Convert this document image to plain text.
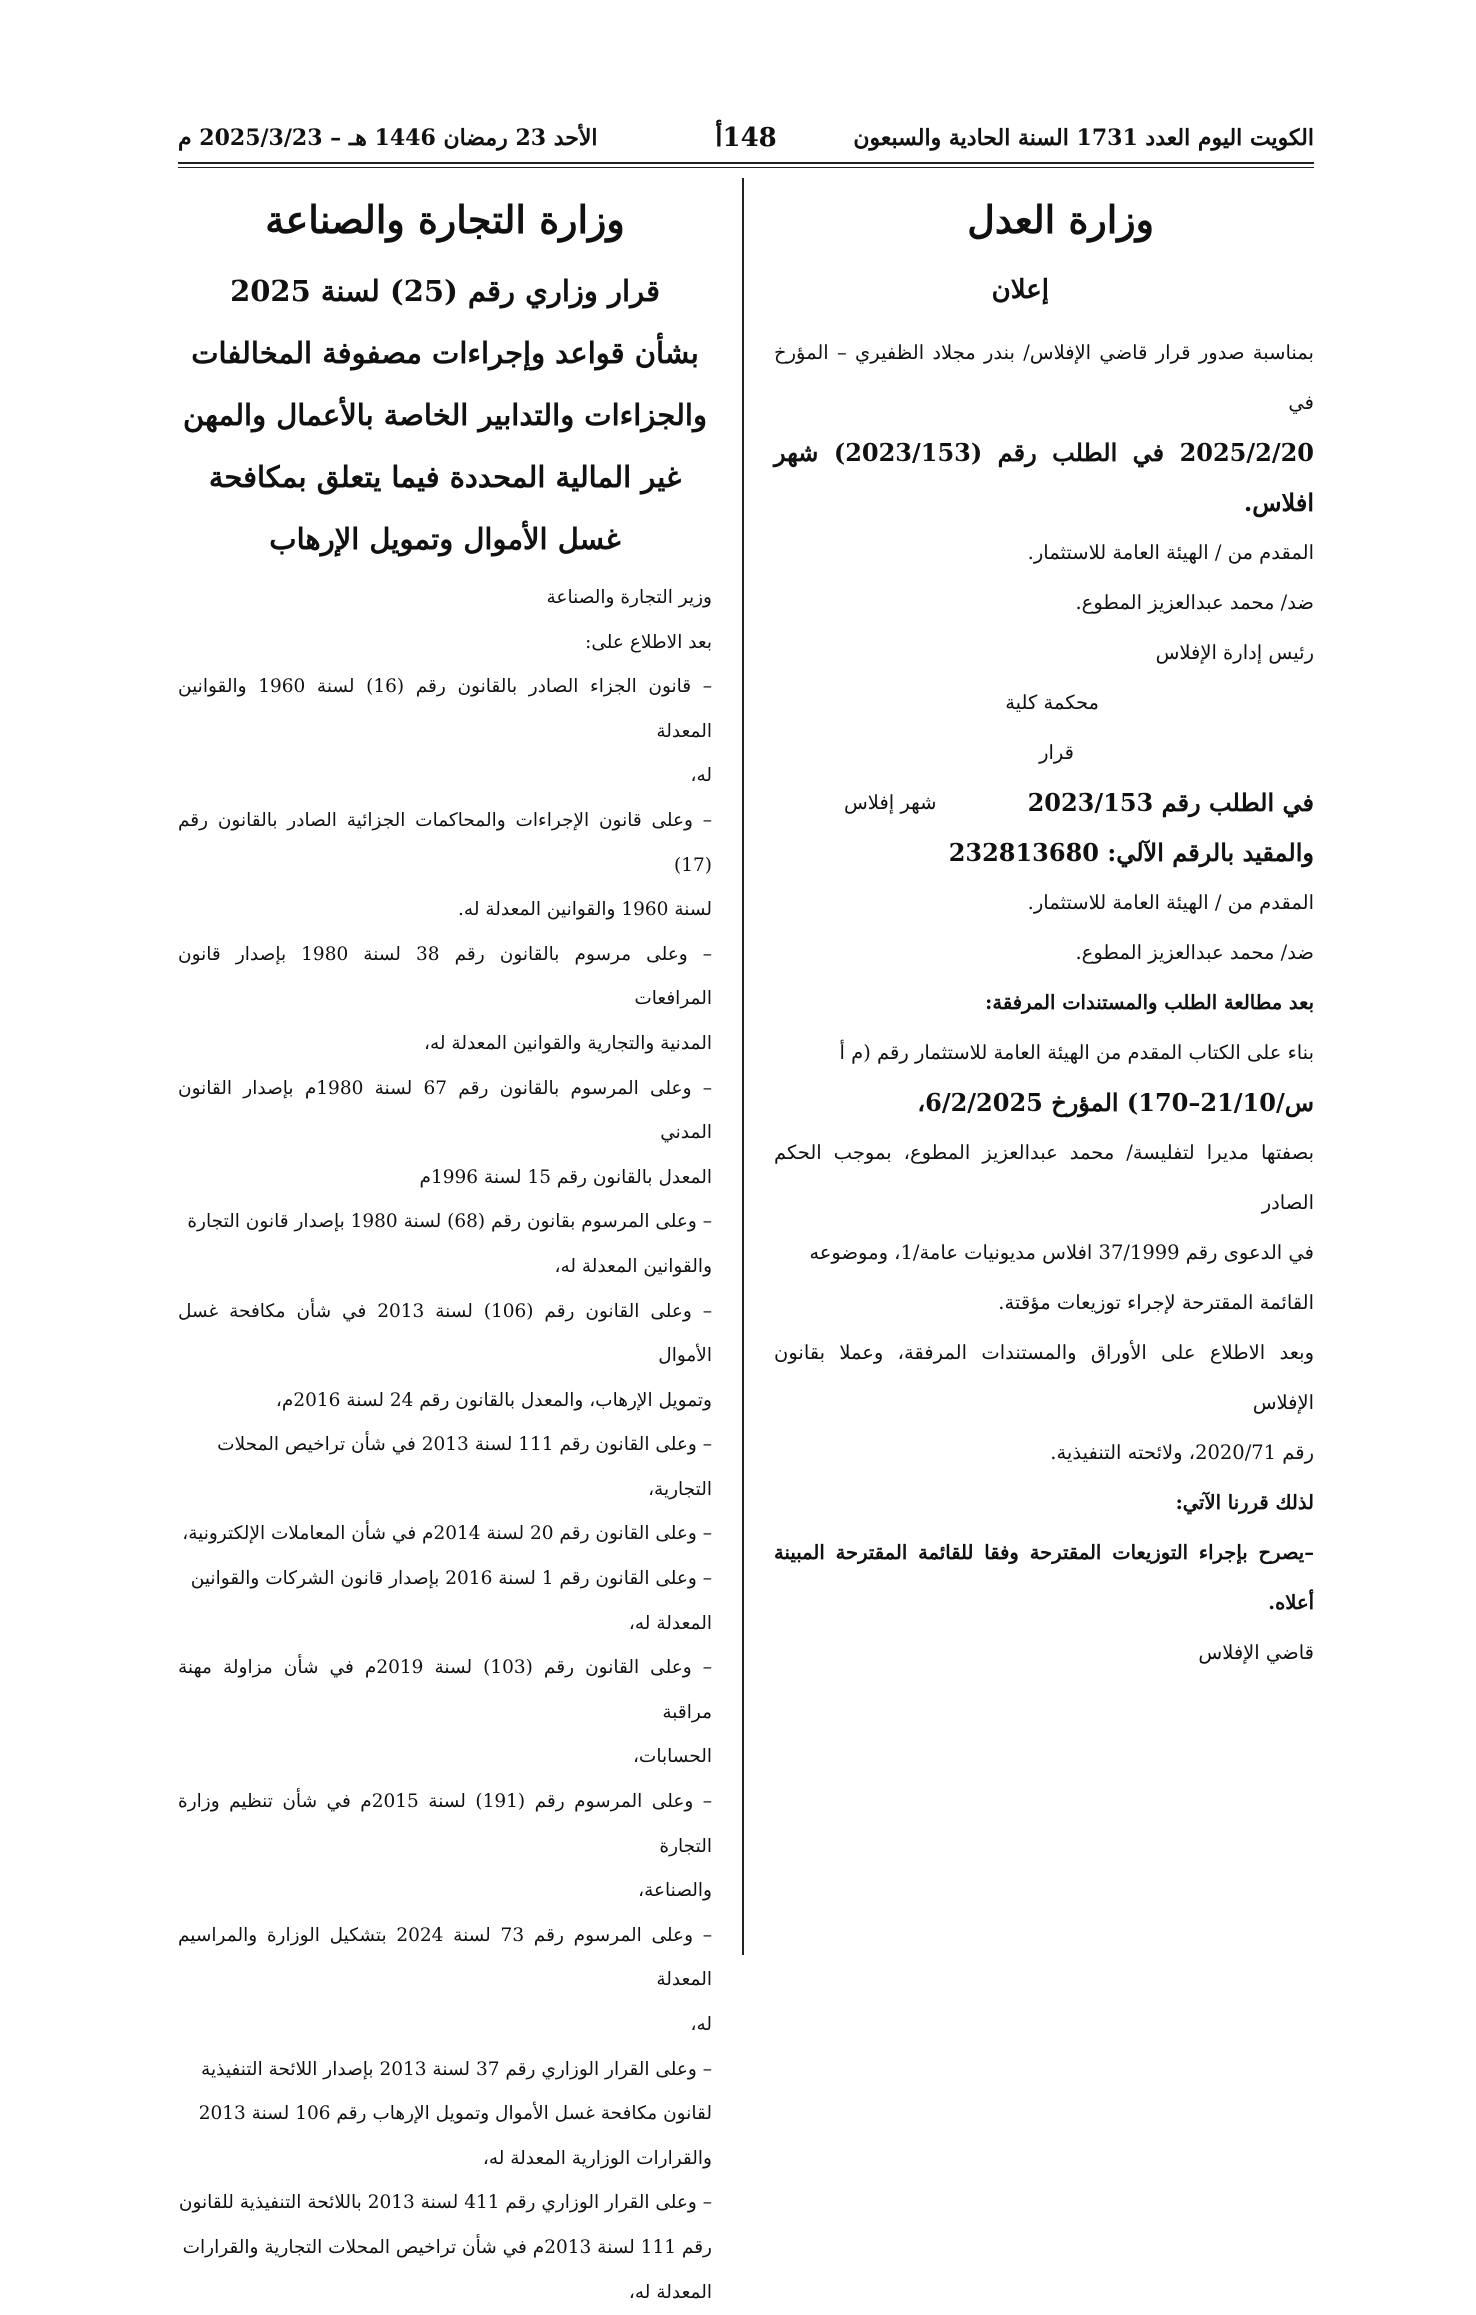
الكويت اليوم العدد 1731 السنة الحادية والسبعون
148أ
الأحد 23 رمضان 1446 هـ – 2025/3/23 م

وزارة العدل

إعلان

بمناسبة صدور قرار قاضي الإفلاس/ بندر مجلاد الظفيري – المؤرخ في

2025/2/20 في الطلب رقم (2023/153) شهر افلاس.

المقدم من / الهيئة العامة للاستثمار.

ضد/ محمد عبدالعزيز المطوع.

رئيس إدارة الإفلاس

محكمة كلية

قرار

في الطلب رقم 2023/153
شهر إفلاس

والمقيد بالرقم الآلي: 232813680

المقدم من / الهيئة العامة للاستثمار.

ضد/ محمد عبدالعزيز المطوع.

بعد مطالعة الطلب والمستندات المرفقة:

بناء على الكتاب المقدم من الهيئة العامة للاستثمار رقم (م أ

س/21/10–170) المؤرخ 6/2/2025،

بصفتها مديرا لتفليسة/ محمد عبدالعزيز المطوع، بموجب الحكم الصادر

في الدعوى رقم 37/1999 افلاس مديونيات عامة/1، وموضوعه

القائمة المقترحة لإجراء توزيعات مؤقتة.

وبعد الاطلاع على الأوراق والمستندات المرفقة، وعملا بقانون الإفلاس

رقم 2020/71، ولائحته التنفيذية.

لذلك قررنا الآتي:

–يصرح بإجراء التوزيعات المقترحة وفقا للقائمة المقترحة المبينة أعلاه.

قاضي الإفلاس

وزارة التجارة والصناعة

قرار وزاري رقم (25) لسنة 2025

بشأن قواعد وإجراءات مصفوفة المخالفات

والجزاءات والتدابير الخاصة بالأعمال والمهن

غير المالية المحددة فيما يتعلق بمكافحة

غسل الأموال وتمويل الإرهاب

وزير التجارة والصناعة

بعد الاطلاع على:

– قانون الجزاء الصادر بالقانون رقم (16) لسنة 1960 والقوانين المعدلة

له،

– وعلى قانون الإجراءات والمحاكمات الجزائية الصادر بالقانون رقم (17)

لسنة 1960 والقوانين المعدلة له.

– وعلى مرسوم بالقانون رقم 38 لسنة 1980 بإصدار قانون المرافعات

المدنية والتجارية والقوانين المعدلة له،

– وعلى المرسوم بالقانون رقم 67 لسنة 1980م بإصدار القانون المدني

المعدل بالقانون رقم 15 لسنة 1996م

– وعلى المرسوم بقانون رقم (68) لسنة 1980 بإصدار قانون التجارة

والقوانين المعدلة له،

– وعلى القانون رقم (106) لسنة 2013 في شأن مكافحة غسل الأموال

وتمويل الإرهاب، والمعدل بالقانون رقم 24 لسنة 2016م،

– وعلى القانون رقم 111 لسنة 2013 في شأن تراخيص المحلات

التجارية،

– وعلى القانون رقم 20 لسنة 2014م في شأن المعاملات الإلكترونية،

– وعلى القانون رقم 1 لسنة 2016 بإصدار قانون الشركات والقوانين

المعدلة له،

– وعلى القانون رقم (103) لسنة 2019م في شأن مزاولة مهنة مراقبة

الحسابات،

– وعلى المرسوم رقم (191) لسنة 2015م في شأن تنظيم وزارة التجارة

والصناعة،

– وعلى المرسوم رقم 73 لسنة 2024 بتشكيل الوزارة والمراسيم المعدلة

له،

– وعلى القرار الوزاري رقم 37 لسنة 2013 بإصدار اللائحة التنفيذية

لقانون مكافحة غسل الأموال وتمويل الإرهاب رقم 106 لسنة 2013

والقرارات الوزارية المعدلة له،

– وعلى القرار الوزاري رقم 411 لسنة 2013 باللائحة التنفيذية للقانون

رقم 111 لسنة 2013م في شأن تراخيص المحلات التجارية والقرارات

المعدلة له،
